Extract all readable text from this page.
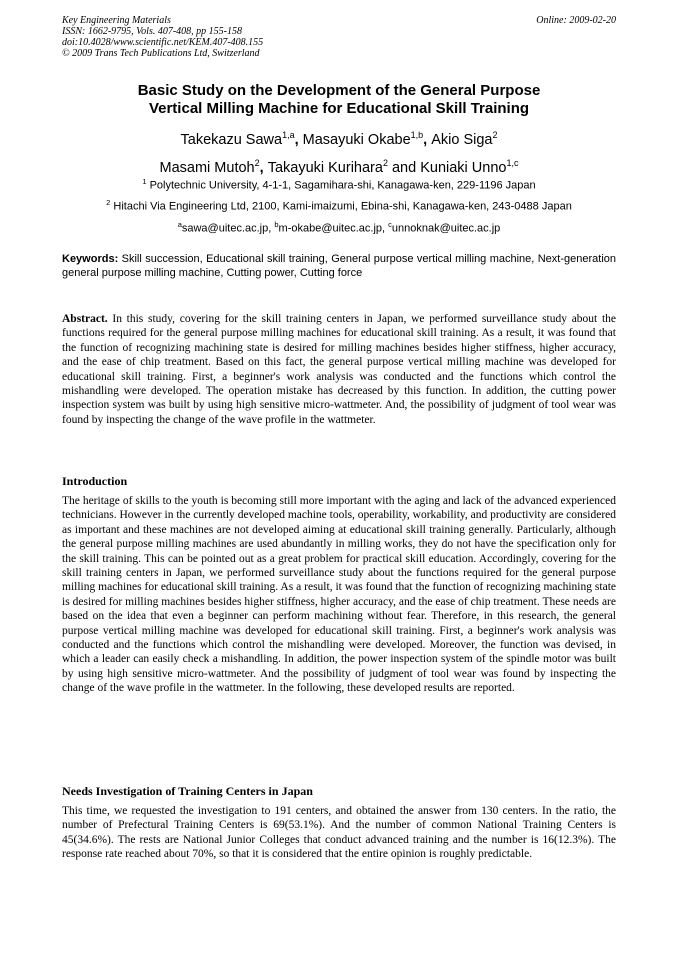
Key Engineering Materials
ISSN: 1662-9795, Vols. 407-408, pp 155-158
doi:10.4028/www.scientific.net/KEM.407-408.155
© 2009 Trans Tech Publications Ltd, Switzerland
Online: 2009-02-20
Basic Study on the Development of the General Purpose
Vertical Milling Machine for Educational Skill Training
Takekazu Sawa$^{1,a}$, Masayuki Okabe$^{1,b}$, Akio Siga$^2$
Masami Mutoh$^2$, Takayuki Kurihara$^2$ and Kuniaki Unno$^{1,c}$
$^1$ Polytechnic University, 4-1-1, Sagamihara-shi, Kanagawa-ken, 229-1196 Japan
$^2$ Hitachi Via Engineering Ltd, 2100, Kami-imaizumi, Ebina-shi, Kanagawa-ken, 243-0488 Japan
$^a$sawa@uitec.ac.jp, $^b$m-okabe@uitec.ac.jp, $^c$unnoknak@uitec.ac.jp
Keywords: Skill succession, Educational skill training, General purpose vertical milling machine, Next-generation general purpose milling machine, Cutting power, Cutting force
Abstract. In this study, covering for the skill training centers in Japan, we performed surveillance study about the functions required for the general purpose milling machines for educational skill training. As a result, it was found that the function of recognizing machining state is desired for milling machines besides higher stiffness, higher accuracy, and the ease of chip treatment. Based on this fact, the general purpose vertical milling machine was developed for educational skill training. First, a beginner's work analysis was conducted and the functions which control the mishandling were developed. The operation mistake has decreased by this function. In addition, the cutting power inspection system was built by using high sensitive micro-wattmeter. And, the possibility of judgment of tool wear was found by inspecting the change of the wave profile in the wattmeter.
Introduction
The heritage of skills to the youth is becoming still more important with the aging and lack of the advanced experienced technicians. However in the currently developed machine tools, operability, workability, and productivity are considered as important and these machines are not developed aiming at educational skill training generally. Particularly, although the general purpose milling machines are used abundantly in milling works, they do not have the specification only for the skill training. This can be pointed out as a great problem for practical skill education. Accordingly, covering for the skill training centers in Japan, we performed surveillance study about the functions required for the general purpose milling machines for educational skill training. As a result, it was found that the function of recognizing machining state is desired for milling machines besides higher stiffness, higher accuracy, and the ease of chip treatment. These needs are based on the idea that even a beginner can perform machining without fear. Therefore, in this research, the general purpose vertical milling machine was developed for educational skill training. First, a beginner's work analysis was conducted and the functions which control the mishandling were developed. Moreover, the function was devised, in which a leader can easily check a mishandling. In addition, the power inspection system of the spindle motor was built by using high sensitive micro-wattmeter. And the possibility of judgment of tool wear was found by inspecting the change of the wave profile in the wattmeter. In the following, these developed results are reported.
Needs Investigation of Training Centers in Japan
This time, we requested the investigation to 191 centers, and obtained the answer from 130 centers. In the ratio, the number of Prefectural Training Centers is 69(53.1%). And the number of common National Training Centers is 45(34.6%). The rests are National Junior Colleges that conduct advanced training and the number is 16(12.3%). The response rate reached about 70%, so that it is considered that the entire opinion is roughly predictable.
